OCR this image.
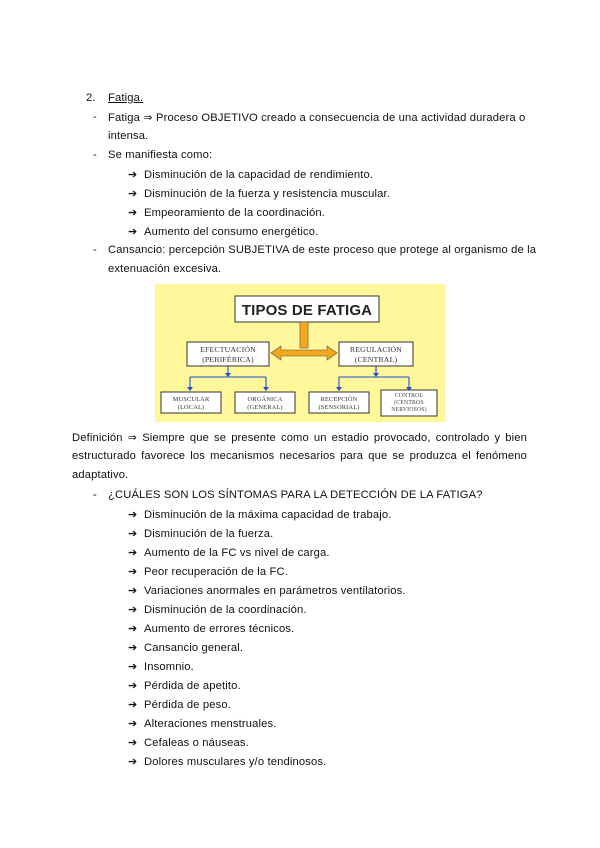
2. Fatiga.
- Fatiga ⇒ Proceso OBJETIVO creado a consecuencia de una actividad duradera o
intensa.
- Se manifiesta como:
➔ Disminución de la capacidad de rendimiento.
➔ Disminución de la fuerza y resistencia muscular.
➔ Empeoramiento de la coordinación.
➔ Aumento del consumo energético.
- Cansancio: percepción SUBJETIVA de este proceso que protege al organismo de la
extenuación excesiva.
TIPOS DE FATIGA
EFECTUACIÓN
(PERIFÉRICA)
REGULACIÓN
(CENTRAL)
MUSCULAR
(LOCAL)
ORGÁNICA
(GENERAL)
RECEPCIÓN
(SENSORIAL)
CONTROL
(CENTROS
NERVIOSOS)
Definición ⇒ Siempre que se presente como un estadio provocado, controlado y bien
estructurado favorece los mecanismos necesarios para que se produzca el fenómeno
adaptativo.
- ¿CUÁLES SON LOS SÍNTOMAS PARA LA DETECCIÓN DE LA FATIGA?
➔ Disminución de la máxima capacidad de trabajo.
➔ Disminución de la fuerza.
➔ Aumento de la FC vs nivel de carga.
➔ Peor recuperación de la FC.
➔ Variaciones anormales en parámetros ventilatorios.
➔ Disminución de la coordinación.
➔ Aumento de errores técnicos.
➔ Cansancio general.
➔ Insomnio.
➔ Pérdida de apetito.
➔ Pérdida de peso.
➔ Alteraciones menstruales.
➔ Cefaleas o náuseas.
➔ Dolores musculares y/o tendinosos.
